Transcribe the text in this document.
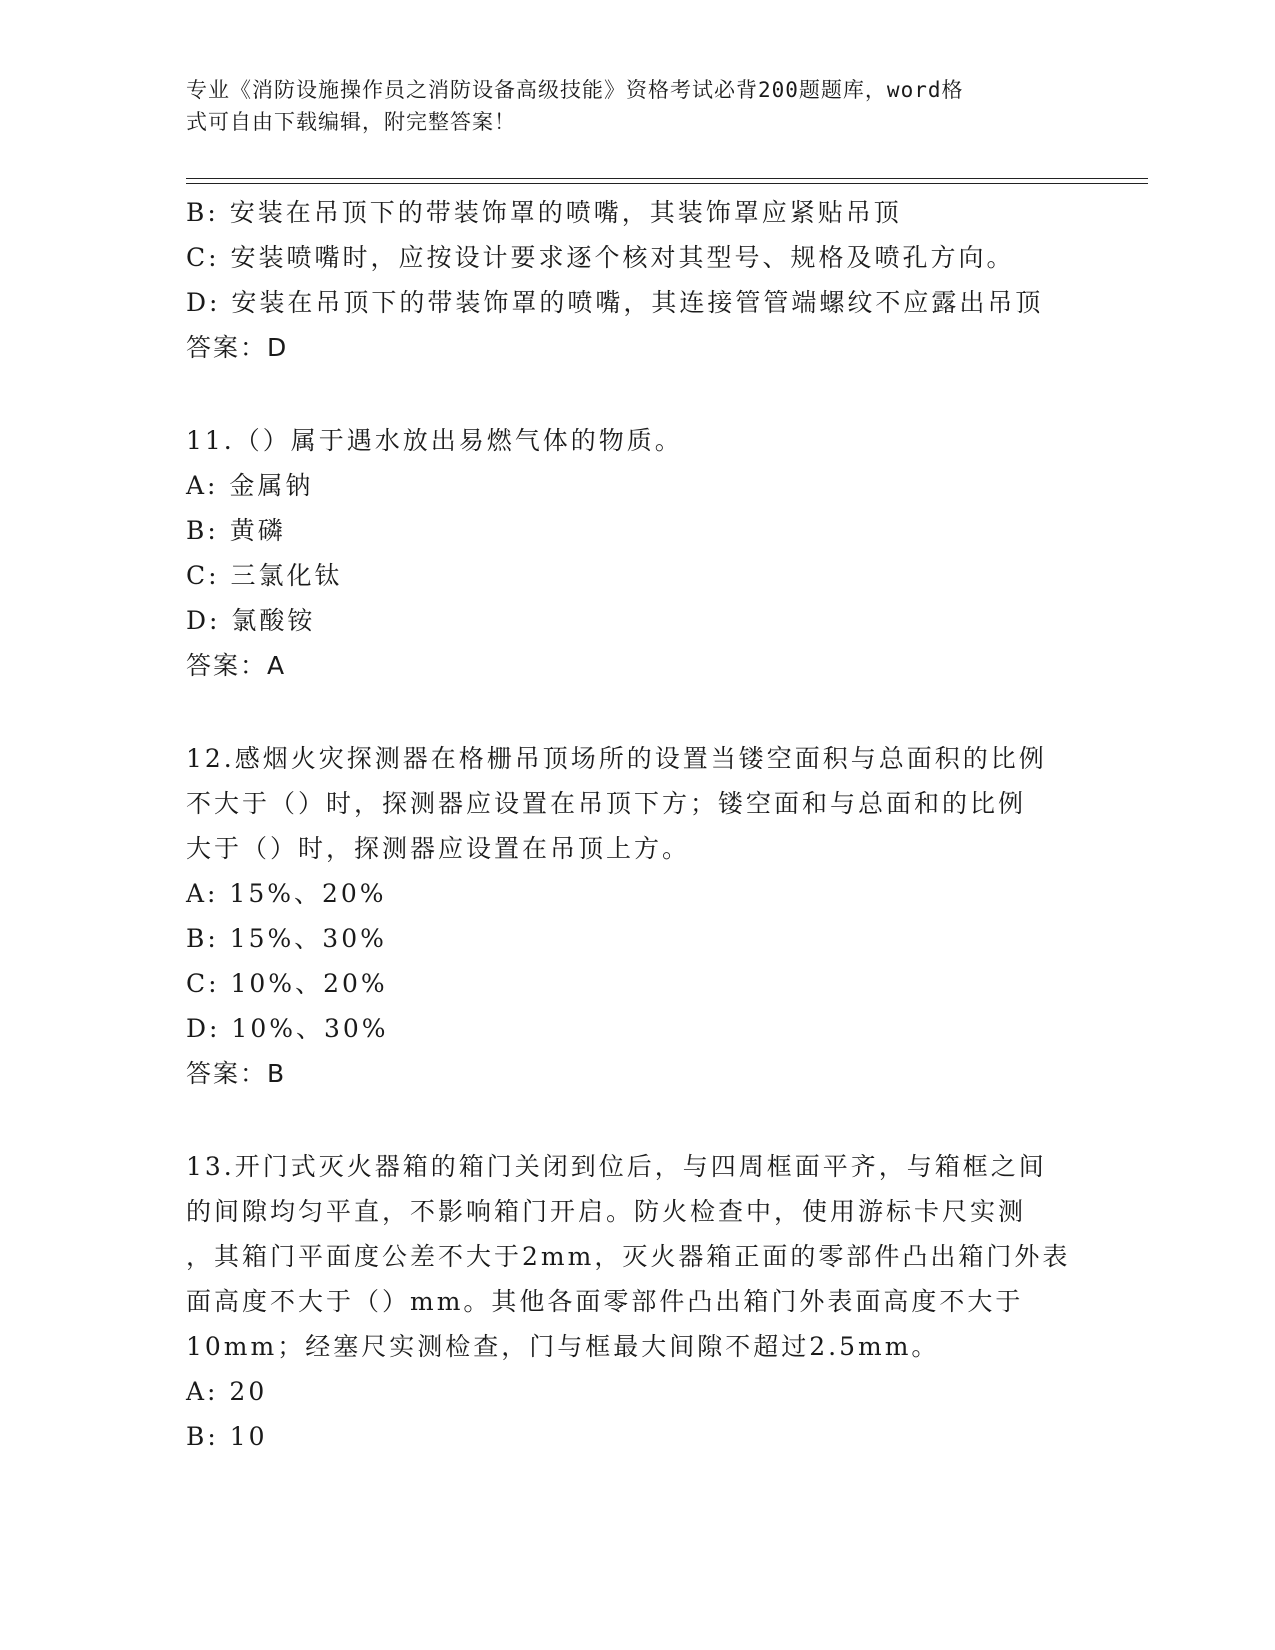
专业《消防设施操作员之消防设备高级技能》资格考试必背200题题库，word格
式可自由下载编辑，附完整答案！
B: 安装在吊顶下的带装饰罩的喷嘴，其装饰罩应紧贴吊顶
C: 安装喷嘴时，应按设计要求逐个核对其型号、规格及喷孔方向。
D: 安装在吊顶下的带装饰罩的喷嘴，其连接管管端螺纹不应露出吊顶
答案：D
11.（）属于遇水放出易燃气体的物质。
A: 金属钠
B: 黄磷
C: 三氯化钛
D: 氯酸铵
答案：A
12.感烟火灾探测器在格栅吊顶场所的设置当镂空面积与总面积的比例
不大于（）时，探测器应设置在吊顶下方；镂空面和与总面和的比例
大于（）时，探测器应设置在吊顶上方。
A: 15%、20%
B: 15%、30%
C: 10%、20%
D: 10%、30%
答案：B
13.开门式灭火器箱的箱门关闭到位后，与四周框面平齐，与箱框之间
的间隙均匀平直，不影响箱门开启。防火检查中，使用游标卡尺实测
，其箱门平面度公差不大于2mm，灭火器箱正面的零部件凸出箱门外表
面高度不大于（）mm。其他各面零部件凸出箱门外表面高度不大于
10mm；经塞尺实测检查，门与框最大间隙不超过2.5mm。
A: 20
B: 10
